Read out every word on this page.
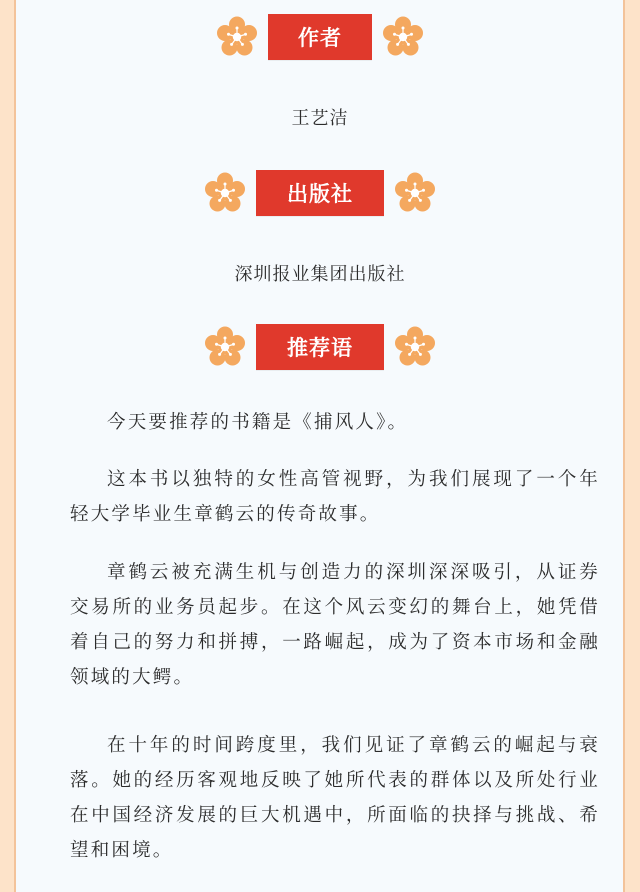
作者
王艺洁
出版社
深圳报业集团出版社
推荐语

今天要推荐的书籍是《捕风人》。

这本书以独特的女性高管视野，为我们展现了一个年轻大学毕业生章鹤云的传奇故事。

章鹤云被充满生机与创造力的深圳深深吸引，从证券交易所的业务员起步。在这个风云变幻的舞台上，她凭借着自己的努力和拼搏，一路崛起，成为了资本市场和金融领域的大鳄。

在十年的时间跨度里，我们见证了章鹤云的崛起与衰落。她的经历客观地反映了她所代表的群体以及所处行业在中国经济发展的巨大机遇中，所面临的抉择与挑战、希望和困境。
